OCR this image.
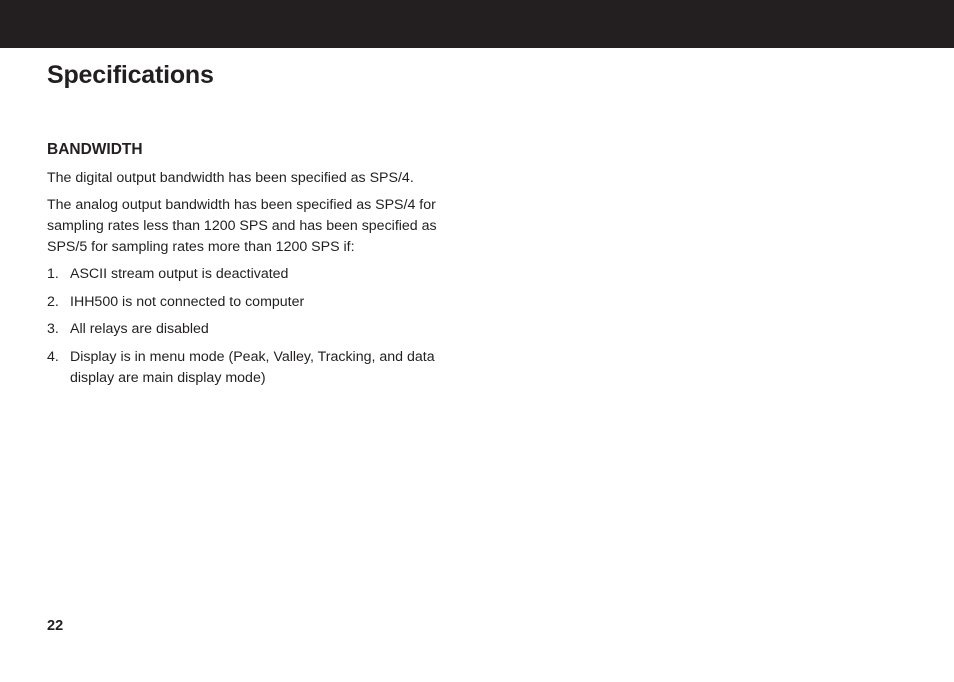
Specifications
BANDWIDTH

The digital output bandwidth has been specified as SPS/4.

The analog output bandwidth has been specified as SPS/4 for sampling rates less than 1200 SPS and has been specified as SPS/5 for sampling rates more than 1200 SPS if:

1. ASCII stream output is deactivated
2. IHH500 is not connected to computer
3. All relays are disabled
4. Display is in menu mode (Peak, Valley, Tracking, and data display are main display mode)
22
